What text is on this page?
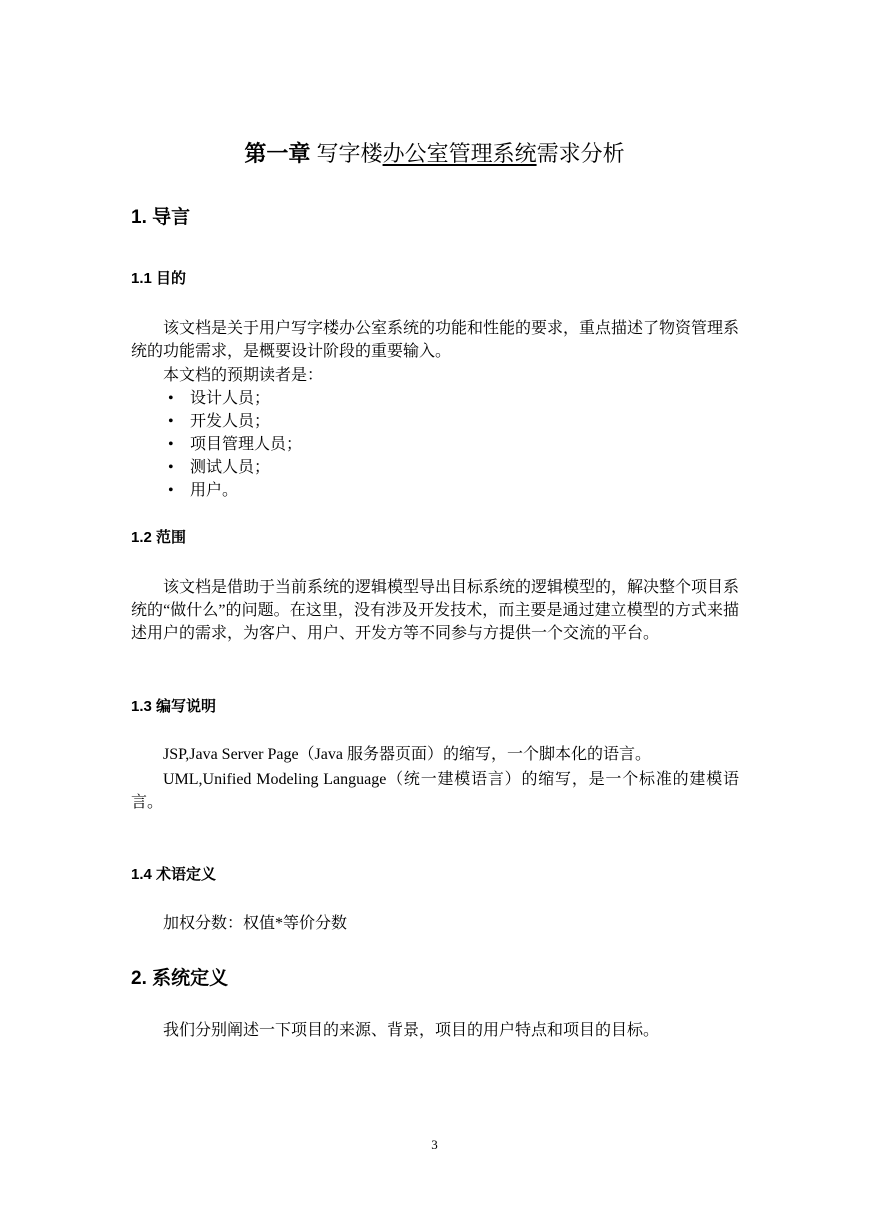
第一章 写字楼办公室管理系统需求分析
1. 导言
1.1 目的
该文档是关于用户写字楼办公室系统的功能和性能的要求，重点描述了物资管理系统的功能需求，是概要设计阶段的重要输入。
本文档的预期读者是：
•	设计人员；
•	开发人员；
•	项目管理人员；
•	测试人员；
•	用户。
1.2 范围
该文档是借助于当前系统的逻辑模型导出目标系统的逻辑模型的，解决整个项目系统的“做什么”的问题。在这里，没有涉及开发技术，而主要是通过建立模型的方式来描述用户的需求，为客户、用户、开发方等不同参与方提供一个交流的平台。
1.3 编写说明
JSP,Java Server Page（Java 服务器页面）的缩写，一个脚本化的语言。
UML,Unified Modeling Language（统一建模语言）的缩写，是一个标准的建模语言。
1.4 术语定义
加权分数：权值*等价分数
2. 系统定义
我们分别阐述一下项目的来源、背景，项目的用户特点和项目的目标。
3
